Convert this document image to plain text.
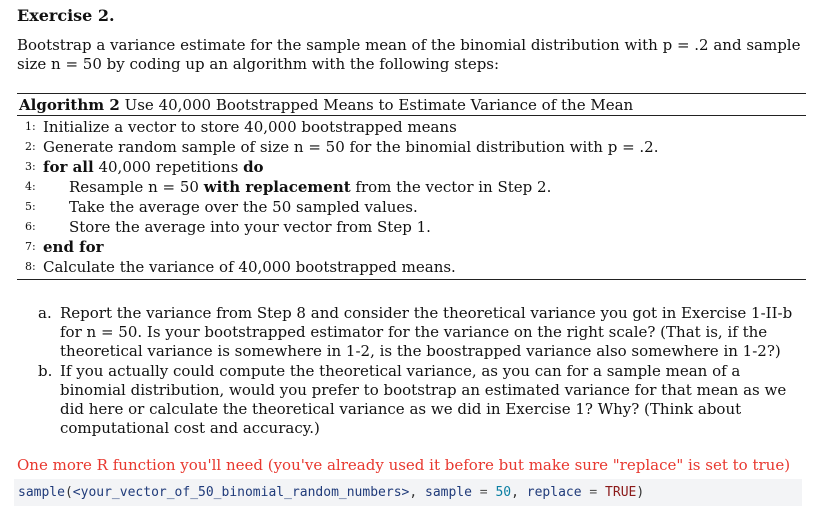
Exercise 2.
Bootstrap a variance estimate for the sample mean of the binomial distribution with p = .2 and sample size n = 50 by coding up an algorithm with the following steps:
Algorithm 2 Use 40,000 Bootstrapped Means to Estimate Variance of the Mean
1: Initialize a vector to store 40,000 bootstrapped means
2: Generate random sample of size n = 50 for the binomial distribution with p = .2.
3: for all 40,000 repetitions do
4: Resample n = 50 with replacement from the vector in Step 2.
5: Take the average over the 50 sampled values.
6: Store the average into your vector from Step 1.
7: end for
8: Calculate the variance of 40,000 bootstrapped means.
a. Report the variance from Step 8 and consider the theoretical variance you got in Exercise 1-II-b for n = 50. Is your bootstrapped estimator for the variance on the right scale? (That is, if the theoretical variance is somewhere in 1-2, is the boostrapped variance also somewhere in 1-2?)
b. If you actually could compute the theoretical variance, as you can for a sample mean of a binomial distribution, would you prefer to bootstrap an estimated variance for that mean as we did here or calculate the theoretical variance as we did in Exercise 1? Why? (Think about computational cost and accuracy.)
One more R function you'll need (you've already used it before but make sure "replace" is set to true)
sample(<your_vector_of_50_binomial_random_numbers>, sample = 50, replace = TRUE)
